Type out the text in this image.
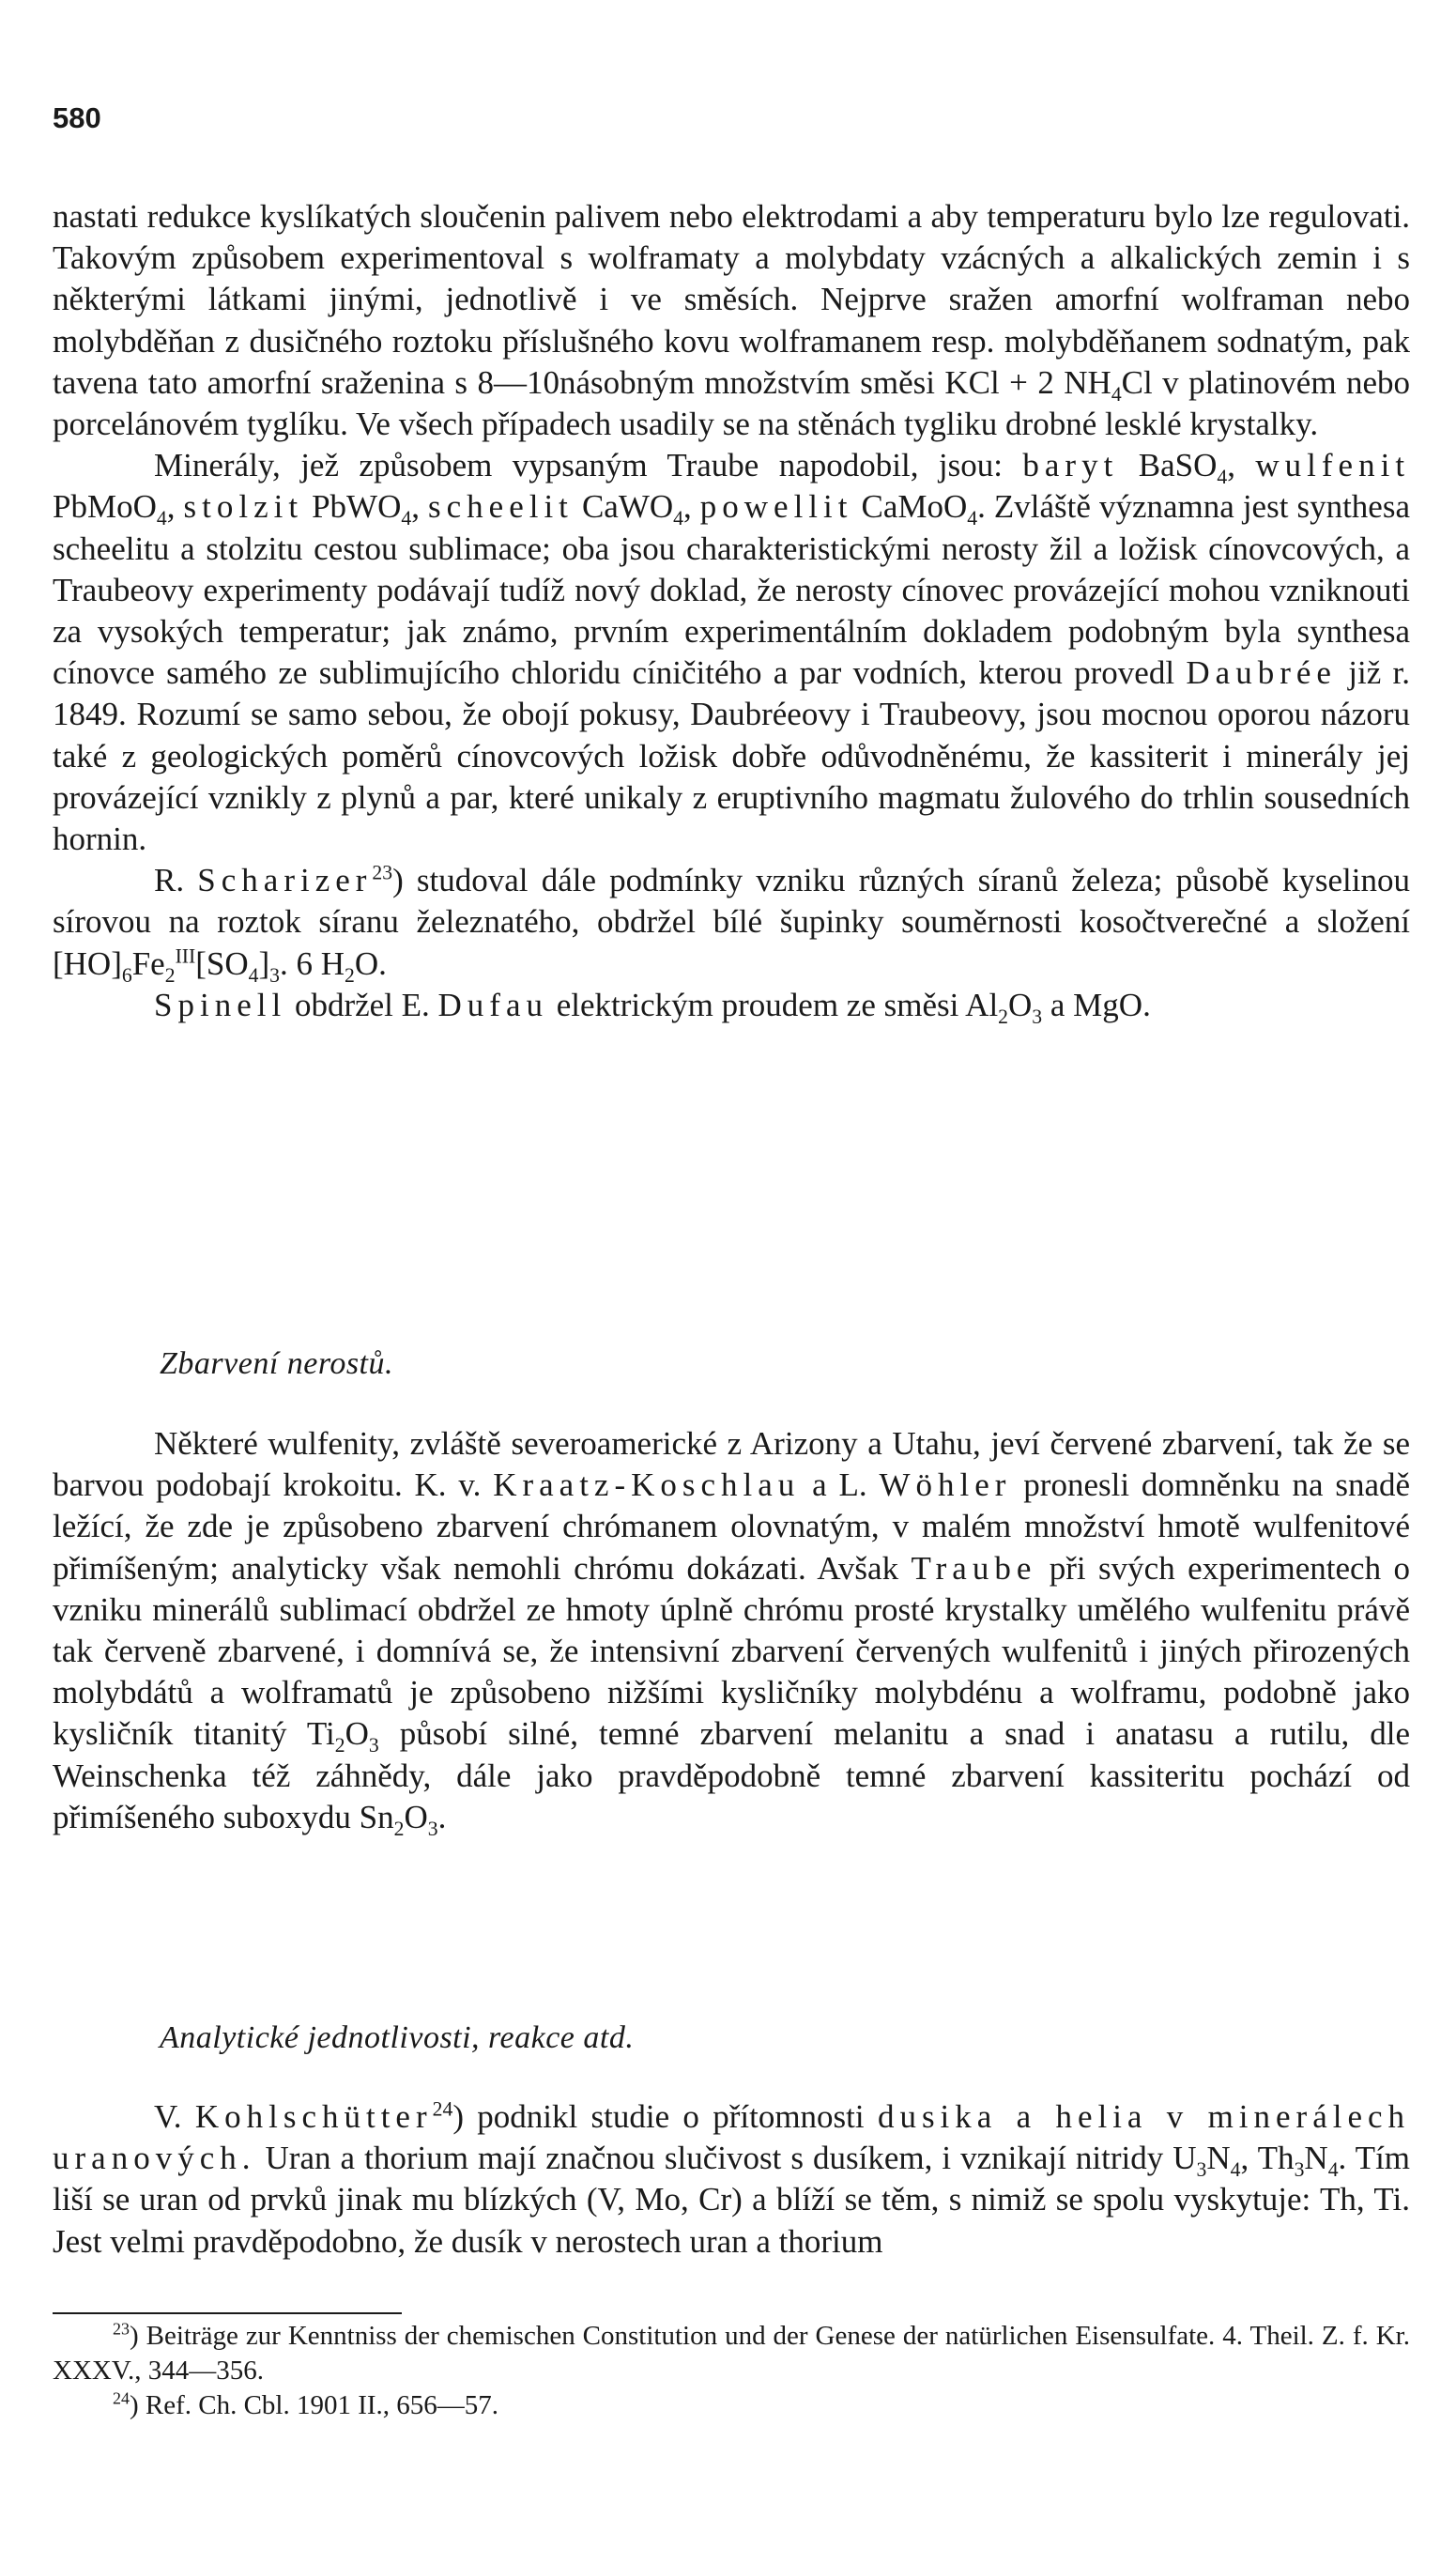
580

nastati redukce kyslíkatých sloučenin palivem nebo elektrodami a aby temperaturu bylo lze regulovati. Takovým způsobem experimentoval s wolframaty a molybdaty vzácných a alkalických zemin i s některými látkami jinými, jednotlivě i ve směsích. Nejprve sražen amorfní wolframan nebo molybděňan z dusičného roztoku příslušného kovu wolframanem resp. molybděňanem sodnatým, pak tavena tato amorfní sraženina s 8—10násobným množstvím směsi KCl + 2 $NH_4Cl$ v platinovém nebo porcelánovém tyglíku. Ve všech případech usadily se na stěnách tygliku drobné lesklé krystalky.

Minerály, jež způsobem vypsaným Traube napodobil, jsou: baryt BaSO$_4$, wulfenit PbMoO$_4$, stolzit PbWO$_4$, scheelit CaWO$_4$, powellit CaMoO$_4$. Zvláště významna jest synthesa scheelitu a stolzitu cestou sublimace; oba jsou charakteristickými nerosty žil a ložisk cínovcových, a Traubeovy experimenty podávají tudíž nový doklad, že nerosty cínovec provázející mohou vzniknouti za vysokých temperatur; jak známo, prvním experimentálním dokladem podobným byla synthesa cínovce samého ze sublimujícího chloridu cíničitého a par vodních, kterou provedl Daubrée již r. 1849. Rozumí se samo sebou, že obojí pokusy, Daubréeovy i Traubeovy, jsou mocnou oporou názoru také z geologických poměrů cínovcových ložisk dobře odůvodněnému, že kassiterit i minerály jej provázející vznikly z plynů a par, které unikaly z eruptivního magmatu žulového do trhlin sousedních hornin.

R. Scharizer$^{23}$) studoval dále podmínky vzniku různých síranů železa; působě kyselinou sírovou na roztok síranu železnatého, obdržel bílé šupinky souměrnosti kosočtverečné a složení $[HO]_6Fe_2^{III}[SO_4]_3$. 6 $H_2O$.

Spinell obdržel E. Dufau elektrickým proudem ze směsi $Al_2O_3$ a MgO.

Zbarvení nerostů.

Některé wulfenity, zvláště severoamerické z Arizony a Utahu, jeví červené zbarvení, tak že se barvou podobají krokoitu. K. v. Kraatz-Koschlau a L. Wöhler pronesli domněnku na snadě ležící, že zde je způsobeno zbarvení chrómanem olovnatým, v malém množství hmotě wulfenitové přimíšeným; analyticky však nemohli chrómu dokázati. Avšak Traube při svých experimentech o vzniku minerálů sublimací obdržel ze hmoty úplně chrómu prosté krystalky umělého wulfenitu právě tak červeně zbarvené, i domnívá se, že intensivní zbarvení červených wulfenitů i jiných přirozených molybdátů a wolframatů je způsobeno nižšími kysličníky molybdénu a wolframu, podobně jako kysličník titanitý $Ti_2O_3$ působí silné, temné zbarvení melanitu a snad i anatasu a rutilu, dle Weinschenka též záhnědy, dále jako pravděpodobně temné zbarvení kassiteritu pochází od přimíšeného suboxydu $Sn_2O_3$.

Analytické jednotlivosti, reakce atd.

V. Kohlschütter$^{24}$) podnikl studie o přítomnosti dusika a helia v minerálech uranových. Uran a thorium mají značnou slučivost s dusíkem, i vznikají nitridy $U_3N_4$, $Th_3N_4$. Tím liší se uran od prvků jinak mu blízkých (V, Mo, Cr) a blíží se těm, s nimiž se spolu vyskytuje: Th, Ti. Jest velmi pravděpodobno, že dusík v nerostech uran a thorium

$^{23}$) Beiträge zur Kenntniss der chemischen Constitution und der Genese der natürlichen Eisensulfate. 4. Theil. Z. f. Kr. XXXV., 344—356.

$^{24}$) Ref. Ch. Cbl. 1901 II., 656—57.
